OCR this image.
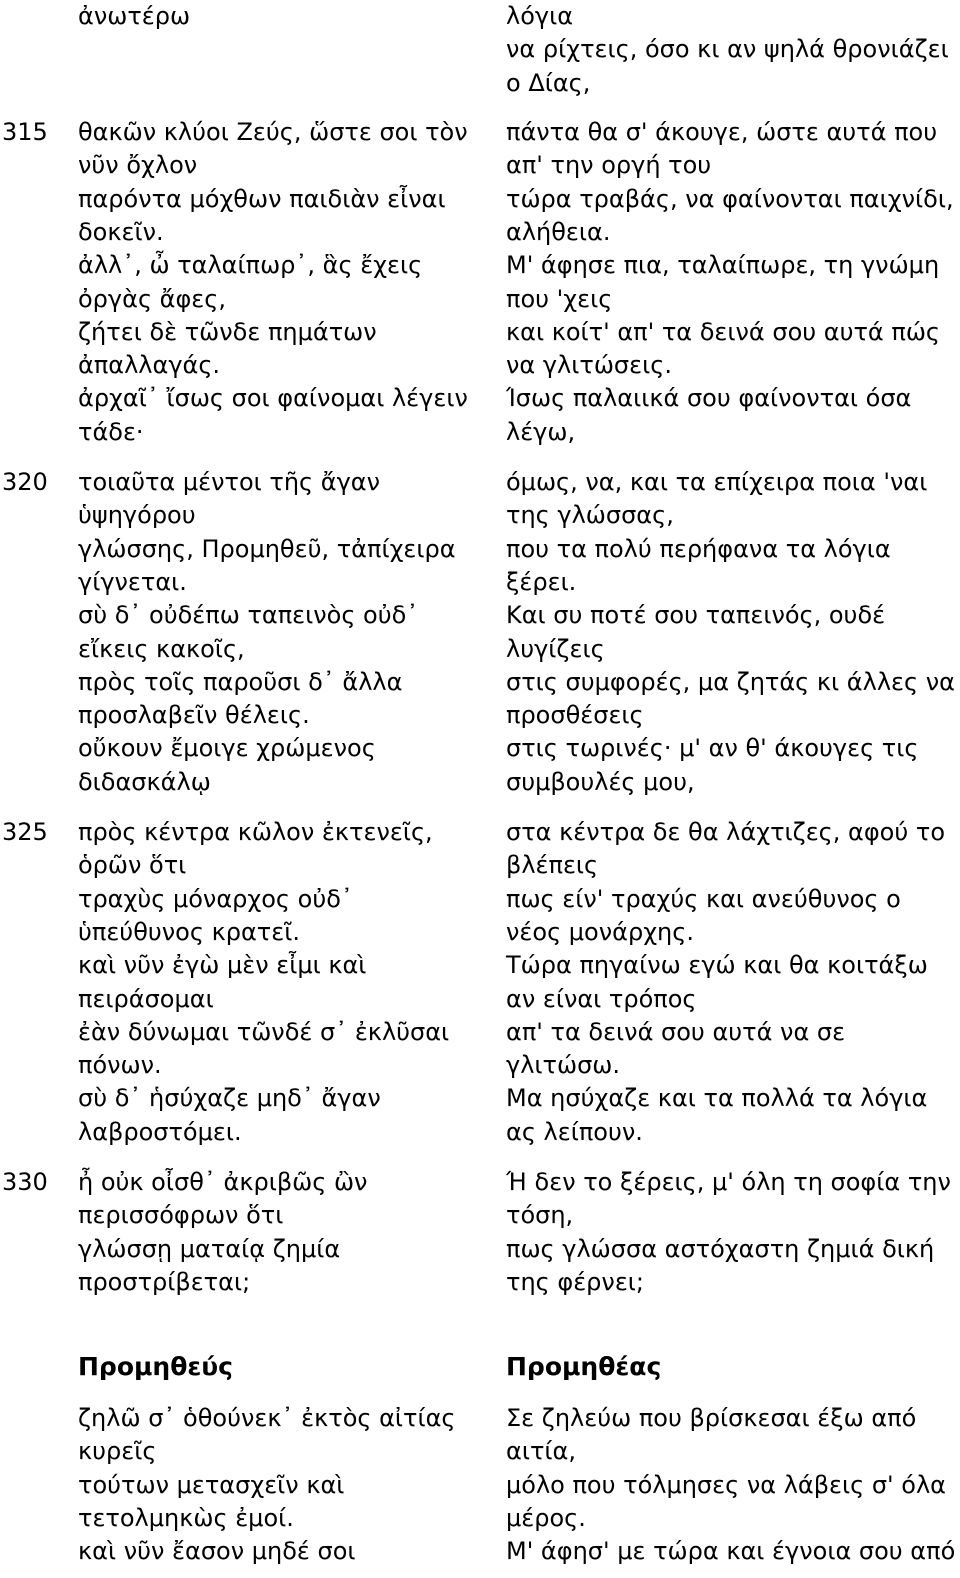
ἀνωτέρω	λόγια
να ρίχτεις, όσο κι αν ψηλά θρονιάζει
ο Δίας,
315 θακῶν κλύοι Ζεύς, ὥστε σοι τὸν
νῦν ὄχλον
παρόντα μόχθων παιδιὰν εἶναι
δοκεῖν.
ἀλλ᾽, ὦ ταλαίπωρ᾽, ἃς ἔχεις
ὀργὰς ἄφες,
ζήτει δὲ τῶνδε πημάτων
ἀπαλλαγάς.
ἀρχαῖ᾽ ἴσως σοι φαίνομαι λέγειν
τάδε·
πάντα θα σ' άκουγε, ώστε αυτά που
απ' την οργή του
τώρα τραβάς, να φαίνονται παιχνίδι,
αλήθεια.
Μ' άφησε πια, ταλαίπωρε, τη γνώμη
που 'χεις
και κοίτ' απ' τα δεινά σου αυτά πώς
να γλιτώσεις.
Ίσως παλαιικά σου φαίνονται όσα
λέγω,
320 τοιαῦτα μέντοι τῆς ἄγαν
ὑψηγόρου
γλώσσης, Προμηθεῦ, τἀπίχειρα
γίγνεται.
σὺ δ᾽ οὐδέπω ταπεινὸς οὐδ᾽
εἴκεις κακοῖς,
πρὸς τοῖς παροῦσι δ᾽ ἄλλα
προσλαβεῖν θέλεις.
οὔκουν ἔμοιγε χρώμενος
διδασκάλῳ
όμως, να, και τα επίχειρα ποια 'ναι
της γλώσσας,
που τα πολύ περήφανα τα λόγια
ξέρει.
Και συ ποτέ σου ταπεινός, ουδέ
λυγίζεις
στις συμφορές, μα ζητάς κι άλλες να
προσθέσεις
στις τωρινές· μ' αν θ' άκουγες τις
συμβουλές μου,
325 πρὸς κέντρα κῶλον ἐκτενεῖς,
ὁρῶν ὅτι
τραχὺς μόναρχος οὐδ᾽
ὑπεύθυνος κρατεῖ.
καὶ νῦν ἐγὼ μὲν εἶμι καὶ
πειράσομαι
ἐὰν δύνωμαι τῶνδέ σ᾽ ἐκλῦσαι
πόνων.
σὺ δ᾽ ἡσύχαζε μηδ᾽ ἄγαν
λαβροστόμει.
στα κέντρα δε θα λάχτιζες, αφού το
βλέπεις
πως είν' τραχύς και ανεύθυνος ο
νέος μονάρχης.
Τώρα πηγαίνω εγώ και θα κοιτάξω
αν είναι τρόπος
απ' τα δεινά σου αυτά να σε
γλιτώσω.
Μα ησύχαζε και τα πολλά τα λόγια
ας λείπουν.
330 ἦ οὐκ οἶσθ᾽ ἀκριβῶς ὢν
περισσόφρων ὅτι
γλώσσῃ ματαίᾳ ζημία
προστρίβεται;
Ή δεν το ξέρεις, μ' όλη τη σοφία την
τόση,
πως γλώσσα αστόχαστη ζημιά δική
της φέρνει;
Προμηθεύς	Προμηθέας
ζηλῶ σ᾽ ὁθούνεκ᾽ ἐκτὸς αἰτίας
κυρεῖς
τούτων μετασχεῖν καὶ
τετολμηκὼς ἐμοί.
καὶ νῦν ἔασον μηδέ σοι
Σε ζηλεύω που βρίσκεσαι έξω από
αιτία,
μόλο που τόλμησες να λάβεις σ' όλα
μέρος.
Μ' άφησ' με τώρα και έγνοια σου από
